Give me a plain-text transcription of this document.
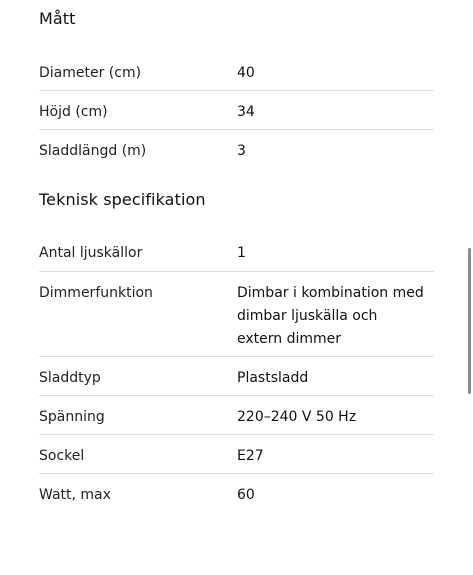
Mått
Diameter (cm)	40
Höjd (cm)	34
Sladdlängd (m)	3
Teknisk specifikation
Antal ljuskällor	1
Dimmerfunktion	Dimbar i kombination med dimbar ljuskälla och extern dimmer
Sladdtyp	Plastsladd
Spänning	220–240 V 50 Hz
Sockel	E27
Watt, max	60
